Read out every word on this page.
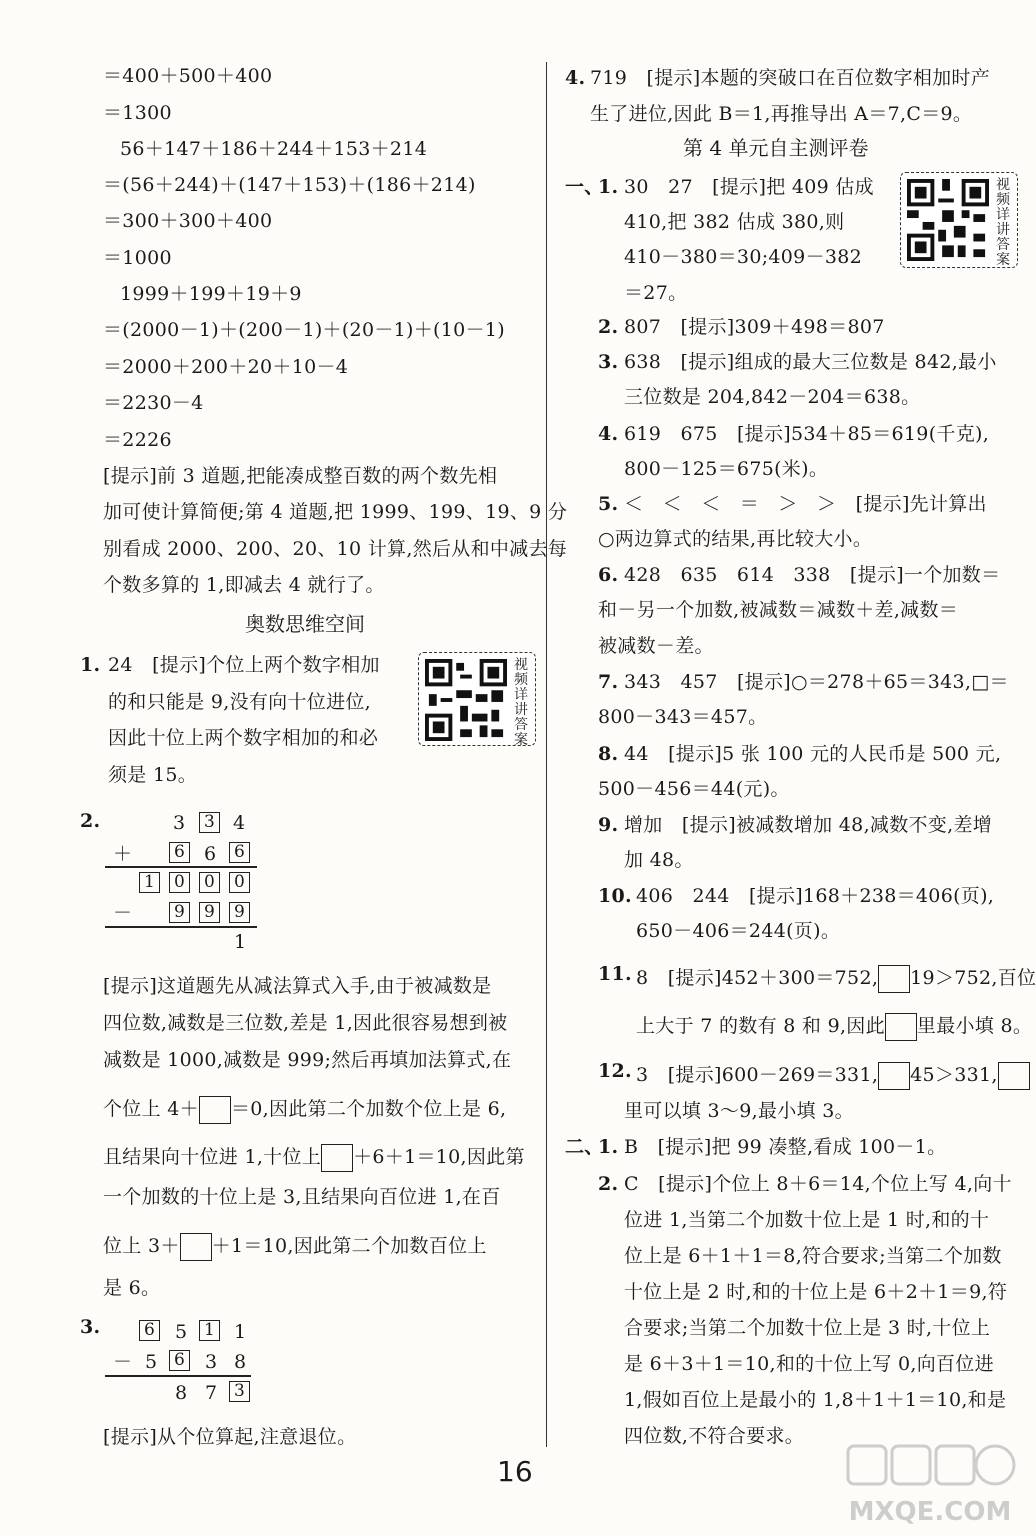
＝400＋500＋400
＝1300
56＋147＋186＋244＋153＋214
＝(56＋244)＋(147＋153)＋(186＋214)
＝300＋300＋400
＝1000
1999＋199＋19＋9
＝(2000－1)＋(200－1)＋(20－1)＋(10－1)
＝2000＋200＋20＋10－4
＝2230－4
＝2226
[提示]前 3 道题,把能凑成整百数的两个数先相
加可使计算简便;第 4 道题,把 1999、199、19、9 分
别看成 2000、200、20、10 计算,然后从和中减去每
个数多算的 1,即减去 4 就行了。
奥数思维空间
1. 24　[提示]个位上两个数字相加
的和只能是 9,没有向十位进位,
因此十位上两个数字相加的和必
须是 15。
视频详讲答案
2.	3 3 4
＋ 6 6 6
1 0 0 0
－ 9 9 9
1
[提示]这道题先从减法算式入手,由于被减数是
四位数,减数是三位数,差是 1,因此很容易想到被
减数是 1000,减数是 999;然后再填加法算式,在
个位上 4＋ ＝0,因此第二个加数个位上是 6,
且结果向十位进 1,十位上 ＋6＋1＝10,因此第
一个加数的十位上是 3,且结果向百位进 1,在百
位上 3＋ ＋1＝10,因此第二个加数百位上
是 6。
3.	6 5 1 1
－ 5 6 3 8
8 7 3
[提示]从个位算起,注意退位。
4. 719　[提示]本题的突破口在百位数字相加时产
生了进位,因此 B＝1,再推导出 A＝7,C＝9。
第 4 单元自主测评卷
一、	视频详讲答案
1. 30　27　[提示]把 409 估成
410,把 382 估成 380,则
410－380＝30;409－382
＝27。
2. 807　[提示]309＋498＝807
3. 638　[提示]组成的最大三位数是 842,最小
三位数是 204,842－204＝638。
4. 619　675　[提示]534＋85＝619(千克),
800－125＝675(米)。
5. ＜　＜　＜　＝　＞　＞　[提示]先计算出
○两边算式的结果,再比较大小。
6. 428　635　614　338　[提示]一个加数＝
和－另一个加数,被减数＝减数＋差,减数＝
被减数－差。
7. 343　457　[提示]○＝278＋65＝343,□＝
800－343＝457。
8. 44　[提示]5 张 100 元的人民币是 500 元,
500－456＝44(元)。
9. 增加　[提示]被减数增加 48,减数不变,差增
加 48。
10. 406　244　[提示]168＋238＝406(页),
650－406＝244(页)。
11. 8　[提示]452＋300＝752, 19＞752,百位
上大于 7 的数有 8 和 9,因此 里最小填 8。
12. 3　[提示]600－269＝331, 45＞331,
里可以填 3～9,最小填 3。
二、
1. B　[提示]把 99 凑整,看成 100－1。
2. C　[提示]个位上 8＋6＝14,个位上写 4,向十
位进 1,当第二个加数十位上是 1 时,和的十
位上是 6＋1＋1＝8,符合要求;当第二个加数
十位上是 2 时,和的十位上是 6＋2＋1＝9,符
合要求;当第二个加数十位上是 3 时,十位上
是 6＋3＋1＝10,和的十位上写 0,向百位进
1,假如百位上是最小的 1,8＋1＋1＝10,和是
四位数,不符合要求。
16
MXQE.COM
